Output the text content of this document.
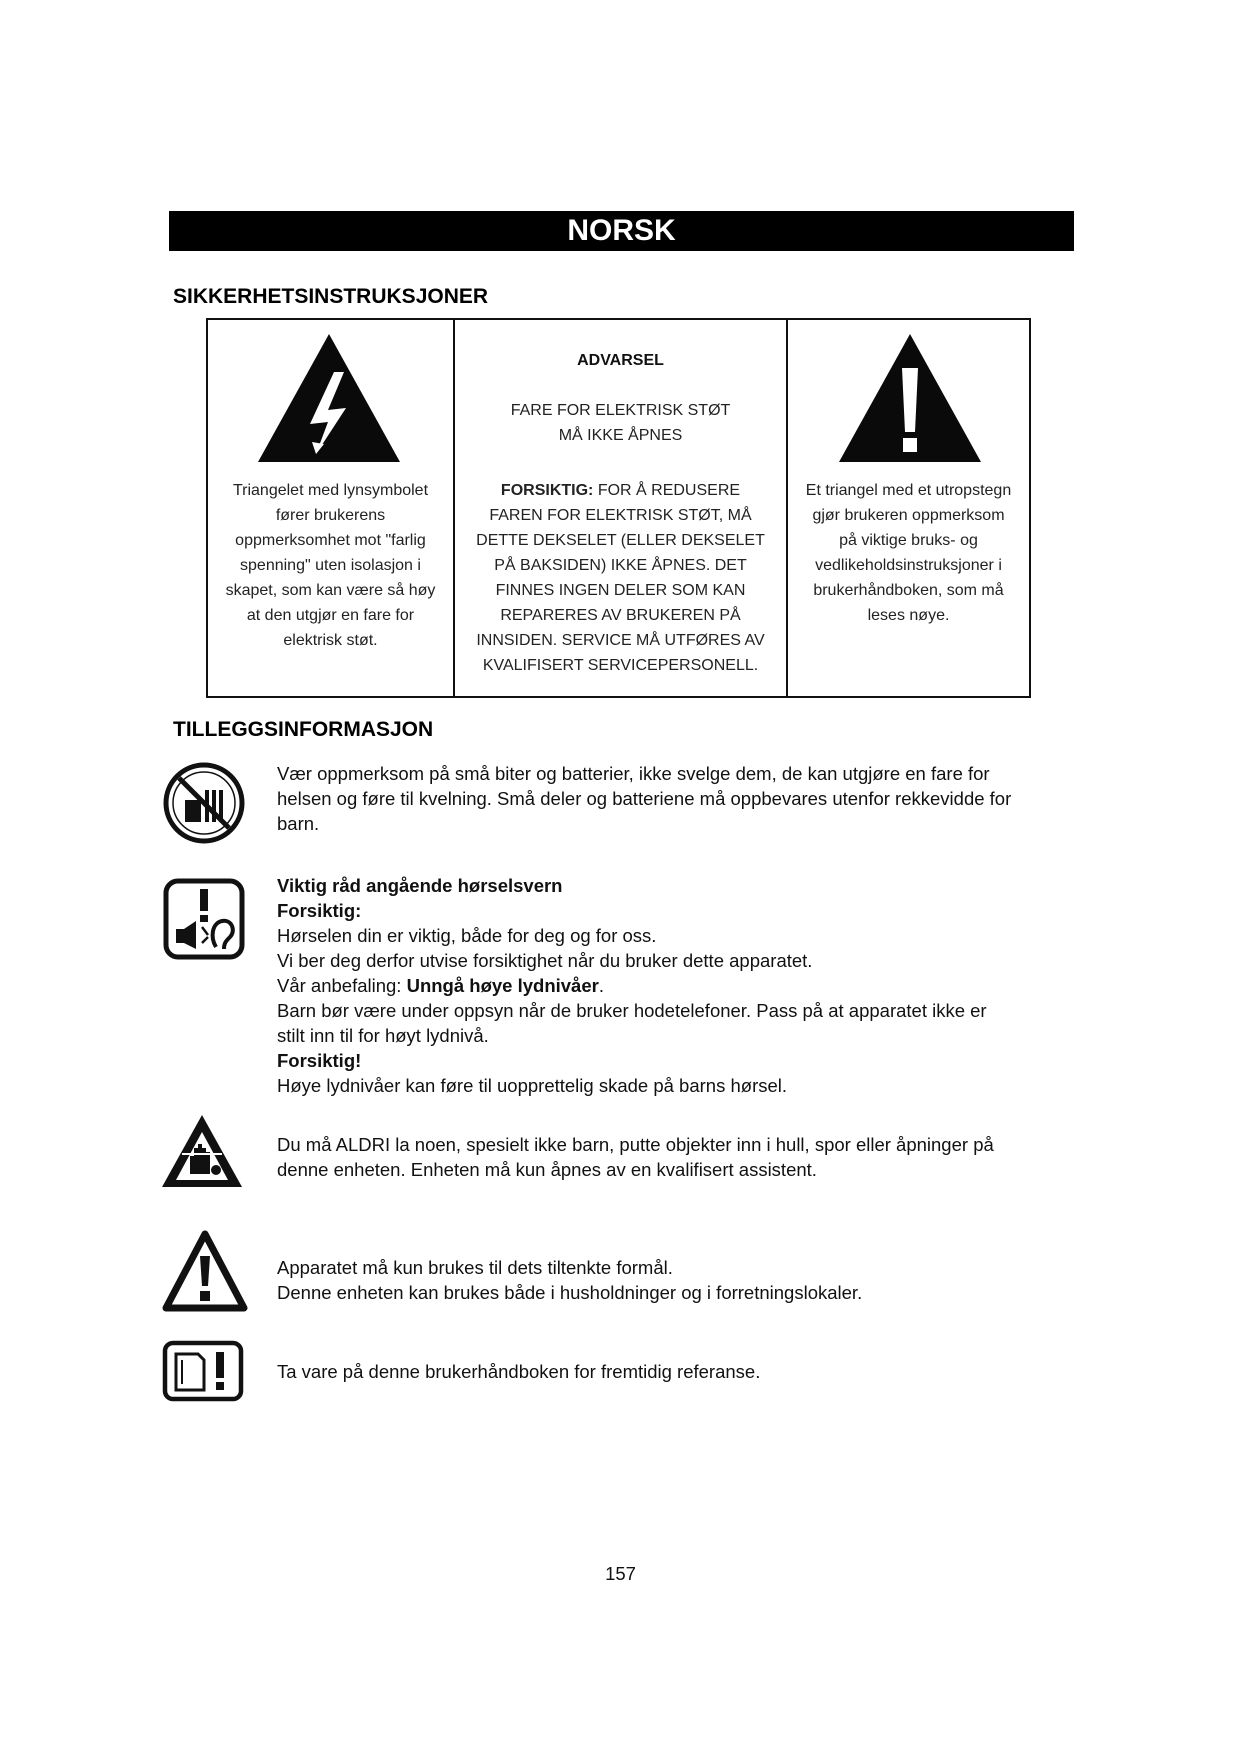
NORSK
SIKKERHETSINSTRUKSJONER
Triangelet med lynsymbolet
fører brukerens
oppmerksomhet mot "farlig
spenning" uten isolasjon i
skapet, som kan være så høy
at den utgjør en fare for
elektrisk støt.
ADVARSEL
FARE FOR ELEKTRISK STØT
MÅ IKKE ÅPNES
FORSIKTIG: FOR Å REDUSERE
FAREN FOR ELEKTRISK STØT, MÅ
DETTE DEKSELET (ELLER DEKSELET
PÅ BAKSIDEN) IKKE ÅPNES. DET
FINNES INGEN DELER SOM KAN
REPARERES AV BRUKEREN PÅ
INNSIDEN. SERVICE MÅ UTFØRES AV
KVALIFISERT SERVICEPERSONELL.
Et triangel med et utropstegn
gjør brukeren oppmerksom
på viktige bruks- og
vedlikeholdsinstruksjoner i
brukerhåndboken, som må
leses nøye.
TILLEGGSINFORMASJON

Vær oppmerksom på små biter og batterier, ikke svelge dem, de kan utgjøre en fare for

helsen og føre til kvelning. Små deler og batteriene må oppbevares utenfor rekkevidde for

barn.

Viktig råd angående hørselsvern

Forsiktig:

Hørselen din er viktig, både for deg og for oss.

Vi ber deg derfor utvise forsiktighet når du bruker dette apparatet.

Vår anbefaling: Unngå høye lydnivåer.

Barn bør være under oppsyn når de bruker hodetelefoner. Pass på at apparatet ikke er

stilt inn til for høyt lydnivå.

Forsiktig!

Høye lydnivåer kan føre til uopprettelig skade på barns hørsel.

Du må ALDRI la noen, spesielt ikke barn, putte objekter inn i hull, spor eller åpninger på

denne enheten. Enheten må kun åpnes av en kvalifisert assistent.

Apparatet må kun brukes til dets tiltenkte formål.

Denne enheten kan brukes både i husholdninger og i forretningslokaler.

Ta vare på denne brukerhåndboken for fremtidig referanse.

157
